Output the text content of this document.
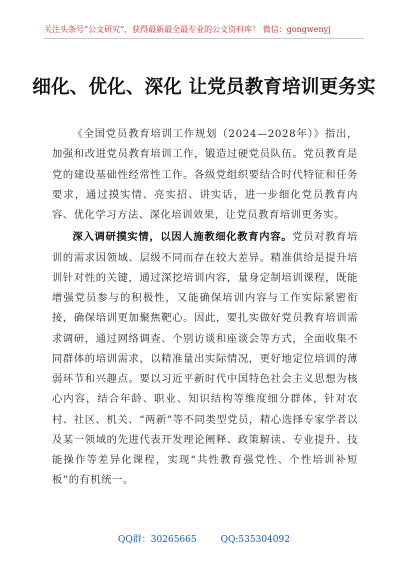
关注头条号“公文研究”，获得最新最全最专业的公文资料库！ 微信：gongwenyj
细化、优化、深化 让党员教育培训更务实

《全国党员教育培训工作规划（2024—2028年）》指出，加强和改进党员教育培训工作，锻造过硬党员队伍。党员教育是党的建设基础性经常性工作。各级党组织要结合时代特征和任务要求，通过摸实情、亮实招、讲实话，进一步细化党员教育内容、优化学习方法、深化培训效果，让党员教育培训更务实。

深入调研摸实情，以因人施教细化教育内容。党员对教育培训的需求因领域、层级不同而存在较大差异。精准供给是提升培训针对性的关键，通过深挖培训内容，量身定制培训课程，既能增强党员参与的积极性，又能确保培训内容与工作实际紧密衔接，确保培训更加聚焦靶心。因此，要扎实做好党员教育培训需求调研，通过网络调查、个别访谈和座谈会等方式，全面收集不同群体的培训需求，以精准量出实际情况，更好地定位培训的薄弱环节和兴趣点。要以习近平新时代中国特色社会主义思想为核心内容，结合年龄、职业、知识结构等维度细分群体，针对农村、社区、机关、“两新”等不同类型党员，精心选择专家学者以及某一领域的先进代表开发理论阐释、政策解读、专业提升、技能操作等差异化课程，实现“共性教育强党性、个性培训补短板”的有机统一。

QQ群：30265665	QQ:535304092
